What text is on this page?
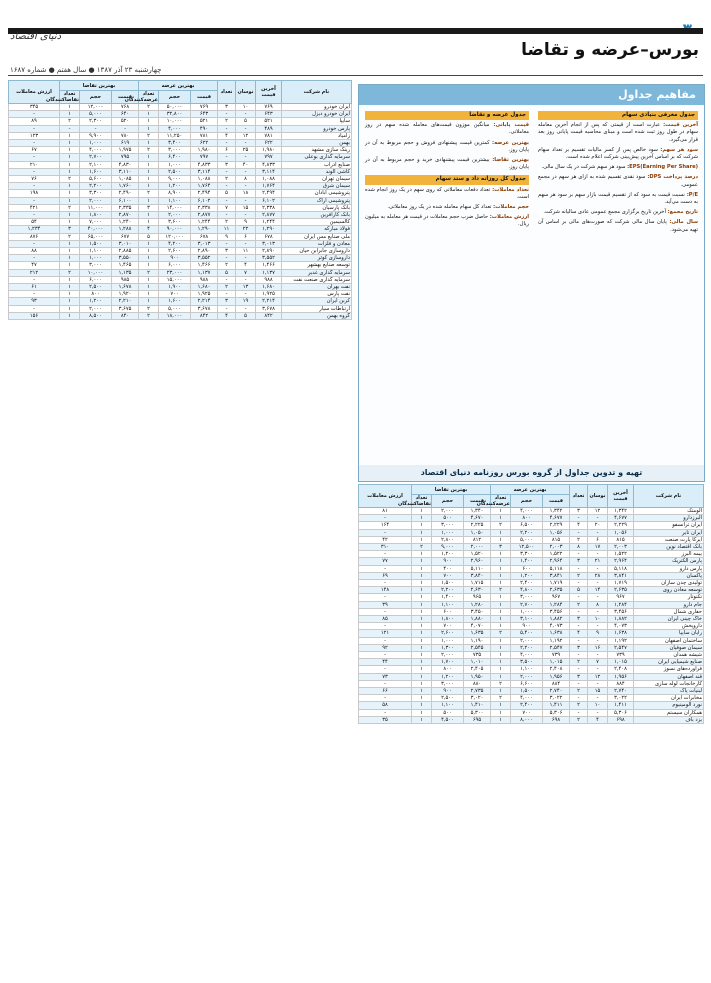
دنیای اقتصاد
بورس–عرضه و تقاضا
چهارشنبه ۲۳ آذر ۱۳۸۷ ● سال هفتم ● شماره ۱۶۸۷
نام شرکت	آخرین قیمت	نوسان	تعداد	بهترین عرضه			بهترین تقاضا			ارزش معاملات
				قیمت	حجم	تعداد عرضه‌کنندگان	قیمت	حجم	تعداد تقاضاکنندگان	
ایران خودرو	۷۶۹	۱۰	۳	۷۶۹	۵۰,۰۰۰	۲	۷۶۸	۱۲,۰۰۰	۱	۳۴۵
ایران خودرو دیزل	۶۴۳	-	-	۶۴۳	۳۲,۸۰۰	۱	۶۴۰	۵,۰۰۰	۱	-
سایپا	۵۲۱	۵	۲	۵۲۱	۱۰,۰۰۰	۱	۵۲۰	۲,۳۰۰	۲	۸۹
پارس خودرو	۴۸۹	-	-	۴۹۰	۴,۰۰۰	۱	-	-	-	-
زامیاد	۷۸۱	۱۲	۴	۷۸۱	۱۱,۲۵۰	۲	۷۸۰	۹,۹۰۰	۱	۱۲۳
بهمن	۶۲۲	-	-	۶۲۲	۳,۴۰۰	۱	۶۱۹	۱,۰۰۰	۱	-
رینگ سازی مشهد	۱,۹۸۰	۲۵	۶	۱,۹۸۰	۳,۰۰۰	۲	۱,۹۷۵	۴,۰۰۰	۱	۶۷
سرمایه گذاری بوعلی	۷۹۷	-	-	۷۹۷	۶,۴۰۰	۱	۷۹۵	۲,۷۰۰	۱	-
صنایع آذرآب	۴,۸۳۳	۴۰	۳	۴,۸۳۳	۱,۰۰۰	۱	۴,۸۳۰	۲,۱۰۰	۱	۲۱۰
کاشی الوند	۳,۱۱۴	-	-	۳,۱۱۴	۲,۵۰۰	۱	۳,۱۱۰	۱,۶۰۰	۱	-
سیمان تهران	۱,۰۸۸	۸	۲	۱,۰۸۸	۹,۰۰۰	۱	۱,۰۸۵	۵,۶۰۰	۲	۷۶
سیمان شرق	۱,۷۶۴	-	-	۱,۷۶۴	۱,۲۰۰	۱	۱,۷۶۰	۲,۲۰۰	۱	-
پتروشیمی آبادان	۲,۴۹۴	۱۸	۵	۲,۴۹۴	۸,۹۰۰	۲	۲,۴۹۰	۳,۳۰۰	۱	۱۹۸
پتروشیمی اراک	۶,۱۰۲	-	-	۶,۱۰۲	۱,۱۰۰	۱	۶,۱۰۰	۲,۰۰۰	۱	-
بانک پارسیان	۲,۳۳۸	۱۵	۷	۲,۳۳۸	۱۴,۰۰۰	۳	۲,۳۳۵	۱۱,۰۰۰	۲	۴۲۱
بانک کارآفرین	۲,۸۷۷	-	-	۲,۸۷۷	۲,۰۰۰	۱	۲,۸۷۰	۱,۸۰۰	۱	-
کالسیمین	۱,۲۴۴	۹	۲	۱,۲۴۴	۳,۶۰۰	۱	۱,۲۴۰	۷,۰۰۰	۱	۵۴
فولاد مبارکه	۱,۲۹۰	۲۲	۱۱	۱,۲۹۰	۹۰,۰۰۰	۴	۱,۲۸۸	۴۰,۰۰۰	۳	۱,۲۳۴
ملی صنایع مس ایران	۶۷۸	۶	۹	۶۷۸	۱۲۰,۰۰۰	۵	۶۷۷	۶۵,۰۰۰	۲	۸۷۶
معادن و فلزات	۳,۰۱۳	-	-	۳,۰۱۳	۴,۲۰۰	۱	۳,۰۱۰	۱,۵۰۰	۱	-
داروسازی جابرابن حیان	۲,۸۹۰	۱۱	۳	۲,۸۹۰	۲,۶۰۰	۱	۲,۸۸۵	۱,۱۰۰	۱	۸۸
داروسازی کوثر	۳,۵۵۲	-	-	۳,۵۵۲	۹۰۰	۱	۳,۵۵۰	۱,۰۰۰	۱	-
توسعه صنایع بهشهر	۱,۴۶۶	۴	۲	۱,۴۶۶	۶,۰۰۰	۱	۱,۴۶۵	۳,۰۰۰	۱	۴۷
سرمایه گذاری غدیر	۱,۱۳۷	۷	۵	۱,۱۳۷	۲۳,۰۰۰	۲	۱,۱۳۵	۱۰,۰۰۰	۲	۲۱۲
سرمایه گذاری صنعت نفت	۹۸۸	-	-	۹۸۸	۱۵,۰۰۰	۱	۹۸۵	۶,۰۰۰	۱	-
نفت بهران	۱,۶۸۰	۱۳	۲	۱,۶۸۰	۱,۹۰۰	۱	۱,۶۷۸	۲,۵۰۰	۱	۶۱
نفت پارس	۱,۹۲۵	-	-	۱,۹۲۵	۷۰۰	۱	۱,۹۲۰	۸۰۰	۱	-
کربن ایران	۲,۲۱۴	۱۹	۳	۲,۲۱۴	۱,۶۰۰	۱	۲,۲۱۰	۱,۲۰۰	۱	۹۳
ارتباطات سیار	۳,۶۷۸	-	-	۳,۶۷۸	۵,۰۰۰	۲	۳,۶۷۵	۲,۰۰۰	۱	-
گروه بهمن	۸۴۲	۵	۴	۸۴۲	۱۸,۰۰۰	۲	۸۴۰	۸,۵۰۰	۱	۱۵۶
مفاهیم جداول
جدول معرفی بنیادی سهام

آخرین قیمت: عبارت است از قیمتی که پس از انجام آخرین معامله سهام در طول روز ثبت شده است و مبنای محاسبه قیمت پایانی روز بعد قرار می‌گیرد.

سود هر سهم: سود خالص پس از کسر مالیات تقسیم بر تعداد سهام شرکت که بر اساس آخرین پیش‌بینی شرکت اعلام شده است.

(Earning Per Share)EPS: سود هر سهم شرکت در یک سال مالی.

درصد پرداخت DPS: سود نقدی تقسیم شده به ازای هر سهم در مجمع عمومی.

P/E: نسبت قیمت به سود که از تقسیم قیمت بازار سهم بر سود هر سهم به دست می‌آید.

تاریخ مجمع: آخرین تاریخ برگزاری مجمع عمومی عادی سالیانه شرکت.

سال مالی: پایان سال مالی شرکت که صورت‌های مالی بر اساس آن تهیه می‌شود.

جدول عرضه و تقاضا

قیمت پایانی: میانگین موزون قیمت‌های معامله شده سهم در روز معاملاتی.

بهترین عرضه: کمترین قیمت پیشنهادی فروش و حجم مربوط به آن در پایان روز.

بهترین تقاضا: بیشترین قیمت پیشنهادی خرید و حجم مربوط به آن در پایان روز.

جدول کل روزانه داد و ستد سهام

تعداد معاملات: تعداد دفعات معاملاتی که روی سهم در یک روز انجام شده است.

حجم معاملات: تعداد کل سهام معامله شده در یک روز معاملاتی.

ارزش معاملات: حاصل ضرب حجم معاملات در قیمت هر معامله به میلیون ریال.

تهیه و تدوین جداول از گروه بورس روزنامه دنیای اقتصاد
نام شرکت	آخرین قیمت	نوسان	تعداد	بهترین عرضه			بهترین تقاضا			ارزش معاملات
				قیمت	حجم	تعداد عرضه‌کنندگان	قیمت	حجم	تعداد تقاضاکنندگان	
آلومتک	۱,۳۴۲	۱۲	۳	۱,۳۴۲	۴,۰۰۰	۱	۱,۳۴۰	۲,۰۰۰	۱	۸۱
البرزدارو	۴,۶۷۷	-	-	۴,۶۷۷	۸۰۰	۱	۴,۶۷۰	۵۰۰	۱	-
ایران ترانسفو	۲,۲۲۹	۲۰	۴	۲,۲۲۹	۶,۵۰۰	۲	۲,۲۲۵	۳,۰۰۰	۱	۱۶۴
ایران تایر	۱,۰۵۶	-	-	۱,۰۵۶	۲,۲۰۰	۱	۱,۰۵۰	۱,۰۰۰	۱	-
ایرکا پارت صنعت	۸۱۵	۶	۲	۸۱۵	۵,۰۰۰	۱	۸۱۲	۲,۸۰۰	۱	۴۲
بانک اقتصاد نوین	۲,۰۰۳	۱۷	۸	۲,۰۰۳	۱۲,۵۰۰	۳	۲,۰۰۰	۹,۰۰۰	۲	۳۱۰
بیمه البرز	۱,۵۲۲	-	-	۱,۵۲۲	۳,۳۰۰	۱	۱,۵۲۰	۱,۲۰۰	۱	-
پارس الکتریک	۲,۹۶۴	۲۱	۳	۲,۹۶۴	۱,۴۰۰	۱	۲,۹۶۰	۹۰۰	۱	۷۷
پارس دارو	۵,۱۱۸	-	-	۵,۱۱۸	۶۰۰	۱	۵,۱۱۰	۴۰۰	۱	-
پاکسان	۳,۸۴۱	۲۸	۲	۳,۸۴۱	۱,۲۰۰	۱	۳,۸۴۰	۷۰۰	۱	۶۹
تولیدی چدن سازان	۱,۷۱۹	-	-	۱,۷۱۹	۲,۴۰۰	۱	۱,۷۱۵	۱,۵۰۰	۱	-
توسعه معادن روی	۲,۶۳۵	۱۴	۵	۲,۶۳۵	۴,۸۰۰	۲	۲,۶۳۰	۲,۲۰۰	۱	۱۴۸
تکنوتار	۹۶۷	-	-	۹۶۷	۳,۰۰۰	۱	۹۶۵	۱,۴۰۰	۱	-
جام دارو	۱,۲۸۴	۸	۲	۱,۲۸۴	۲,۷۰۰	۱	۱,۲۸۰	۱,۱۰۰	۱	۳۹
حفاری شمال	۳,۴۵۶	-	-	۳,۴۵۶	۱,۰۰۰	۱	۳,۴۵۰	۶۰۰	۱	-
خاک چینی ایران	۱,۸۸۲	۱۰	۳	۱,۸۸۲	۳,۱۰۰	۱	۱,۸۸۰	۱,۸۰۰	۱	۸۵
داروپخش	۴,۰۷۳	-	-	۴,۰۷۳	۹۰۰	۱	۴,۰۷۰	۷۰۰	۱	-
رایان سایپا	۱,۶۳۸	۹	۴	۱,۶۳۸	۵,۴۰۰	۲	۱,۶۳۵	۲,۶۰۰	۱	۱۲۱
ساختمان اصفهان	۱,۱۹۲	-	-	۱,۱۹۲	۲,۰۰۰	۱	۱,۱۹۰	۱,۰۰۰	۱	-
سیمان صوفیان	۲,۵۴۷	۱۶	۳	۲,۵۴۷	۲,۲۰۰	۱	۲,۵۴۵	۱,۳۰۰	۱	۹۲
شیشه همدان	۷۳۹	-	-	۷۳۹	۴,۰۰۰	۱	۷۳۵	۲,۰۰۰	۱	-
صنایع شیمیایی ایران	۱,۰۱۵	۷	۲	۱,۰۱۵	۳,۵۰۰	۱	۱,۰۱۰	۱,۷۰۰	۱	۴۴
فرآورده‌های نسوز	۲,۴۰۸	-	-	۲,۴۰۸	۱,۱۰۰	۱	۲,۴۰۵	۸۰۰	۱	-
قند اصفهان	۱,۹۵۶	۱۲	۳	۱,۹۵۶	۲,۰۰۰	۱	۱,۹۵۰	۱,۲۰۰	۱	۷۳
کارخانجات لوله سازی	۸۸۴	-	-	۸۸۴	۶,۶۰۰	۲	۸۸۰	۳,۰۰۰	۱	-
لبنیات پاک	۲,۷۴۰	۱۵	۲	۲,۷۴۰	۱,۵۰۰	۱	۲,۷۳۵	۹۰۰	۱	۶۶
مخابرات ایران	۳,۰۲۲	-	-	۳,۰۲۲	۴,۰۰۰	۲	۳,۰۲۰	۲,۵۰۰	۱	-
نورد آلومینیوم	۱,۴۱۱	۱۰	۲	۱,۴۱۱	۲,۴۰۰	۱	۱,۴۱۰	۱,۱۰۰	۱	۵۸
همکاران سیستم	۵,۳۰۶	-	-	۵,۳۰۶	۷۰۰	۱	۵,۳۰۰	۵۰۰	۱	-
یزد باف	۶۹۸	۴	۲	۶۹۸	۸,۰۰۰	۱	۶۹۵	۴,۵۰۰	۱	۳۵
